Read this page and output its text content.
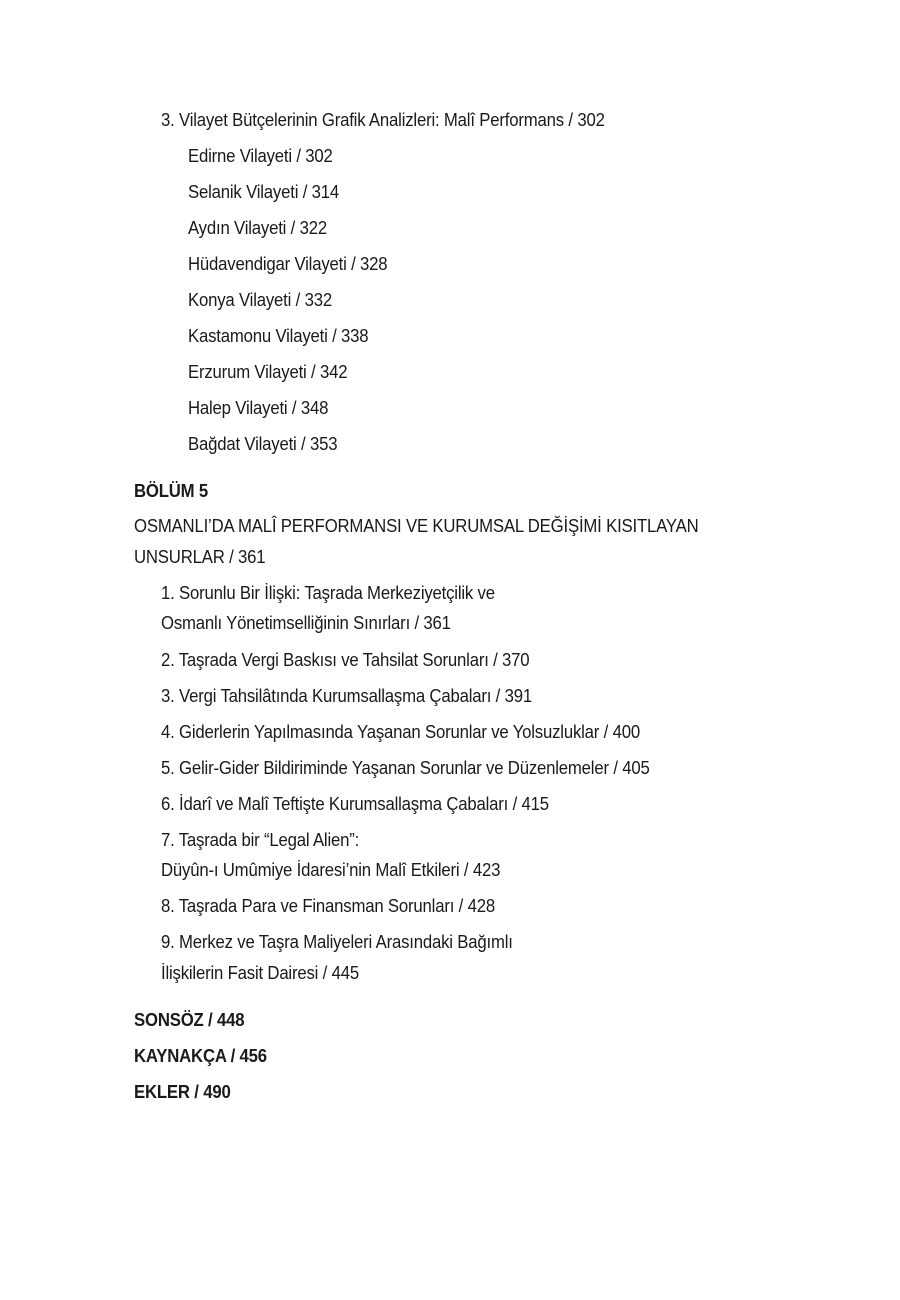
3. Vilayet Bütçelerinin Grafik Analizleri: Malî Performans / 302

Edirne Vilayeti / 302

Selanik Vilayeti / 314

Aydın Vilayeti / 322

Hüdavendigar Vilayeti / 328

Konya Vilayeti / 332

Kastamonu Vilayeti / 338

Erzurum Vilayeti / 342

Halep Vilayeti / 348

Bağdat Vilayeti / 353

BÖLÜM 5

OSMANLI’DA MALÎ PERFORMANSI VE KURUMSAL DEĞİŞİMİ KISITLAYAN

UNSURLAR / 361

1. Sorunlu Bir İlişki: Taşrada Merkeziyetçilik ve

Osmanlı Yönetimselliğinin Sınırları / 361

2. Taşrada Vergi Baskısı ve Tahsilat Sorunları / 370

3. Vergi Tahsilâtında Kurumsallaşma Çabaları / 391

4. Giderlerin Yapılmasında Yaşanan Sorunlar ve Yolsuzluklar / 400

5. Gelir-Gider Bildiriminde Yaşanan Sorunlar ve Düzenlemeler / 405

6. İdarî ve Malî Teftişte Kurumsallaşma Çabaları / 415

7. Taşrada bir “Legal Alien”:

Düyûn-ı Umûmiye İdaresi’nin Malî Etkileri / 423

8. Taşrada Para ve Finansman Sorunları / 428

9. Merkez ve Taşra Maliyeleri Arasındaki Bağımlı

İlişkilerin Fasit Dairesi / 445

SONSÖZ / 448

KAYNAKÇA / 456

EKLER / 490
